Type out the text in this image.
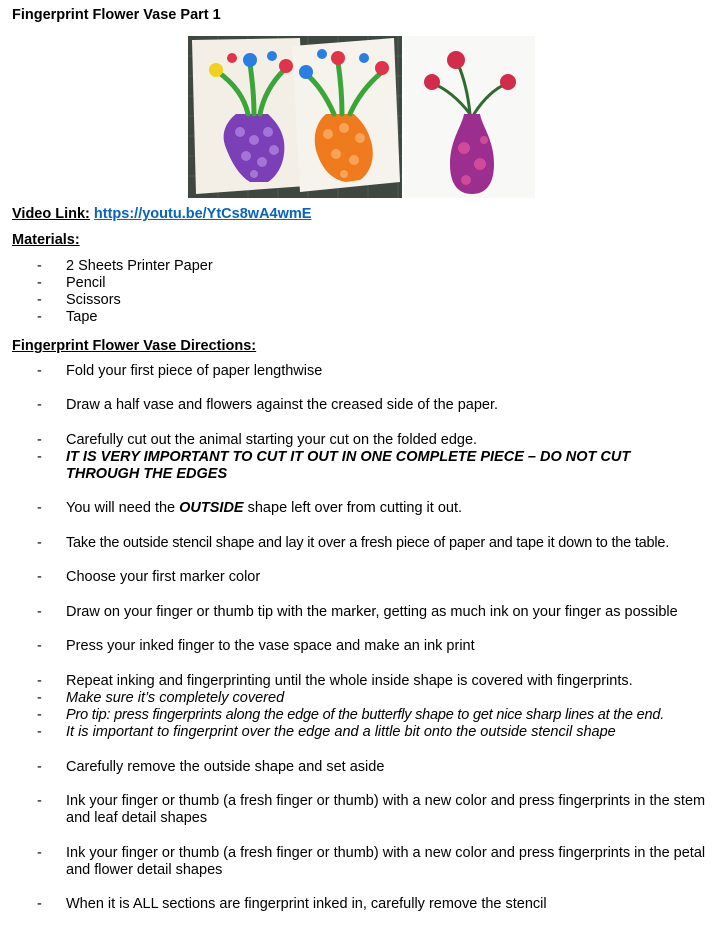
Fingerprint Flower Vase Part 1
Video Link: https://youtu.be/YtCs8wA4wmE
Materials:
- 2 Sheets Printer Paper
- Pencil
- Scissors
- Tape
Fingerprint Flower Vase Directions:
- Fold your first piece of paper lengthwise
- Draw a half vase and flowers against the creased side of the paper.
- Carefully cut out the animal starting your cut on the folded edge.
- IT IS VERY IMPORTANT TO CUT IT OUT IN ONE COMPLETE PIECE – DO NOT CUT THROUGH THE EDGES
- You will need the OUTSIDE shape left over from cutting it out.
- Take the outside stencil shape and lay it over a fresh piece of paper and tape it down to the table.
- Choose your first marker color
- Draw on your finger or thumb tip with the marker, getting as much ink on your finger as possible
- Press your inked finger to the vase space and make an ink print
- Repeat inking and fingerprinting until the whole inside shape is covered with fingerprints.
- Make sure it’s completely covered
- Pro tip: press fingerprints along the edge of the butterfly shape to get nice sharp lines at the end.
- It is important to fingerprint over the edge and a little bit onto the outside stencil shape
- Carefully remove the outside shape and set aside
- Ink your finger or thumb (a fresh finger or thumb) with a new color and press fingerprints in the stem and leaf detail shapes
- Ink your finger or thumb (a fresh finger or thumb) with a new color and press fingerprints in the petal and flower detail shapes
- When it is ALL sections are fingerprint inked in, carefully remove the stencil
